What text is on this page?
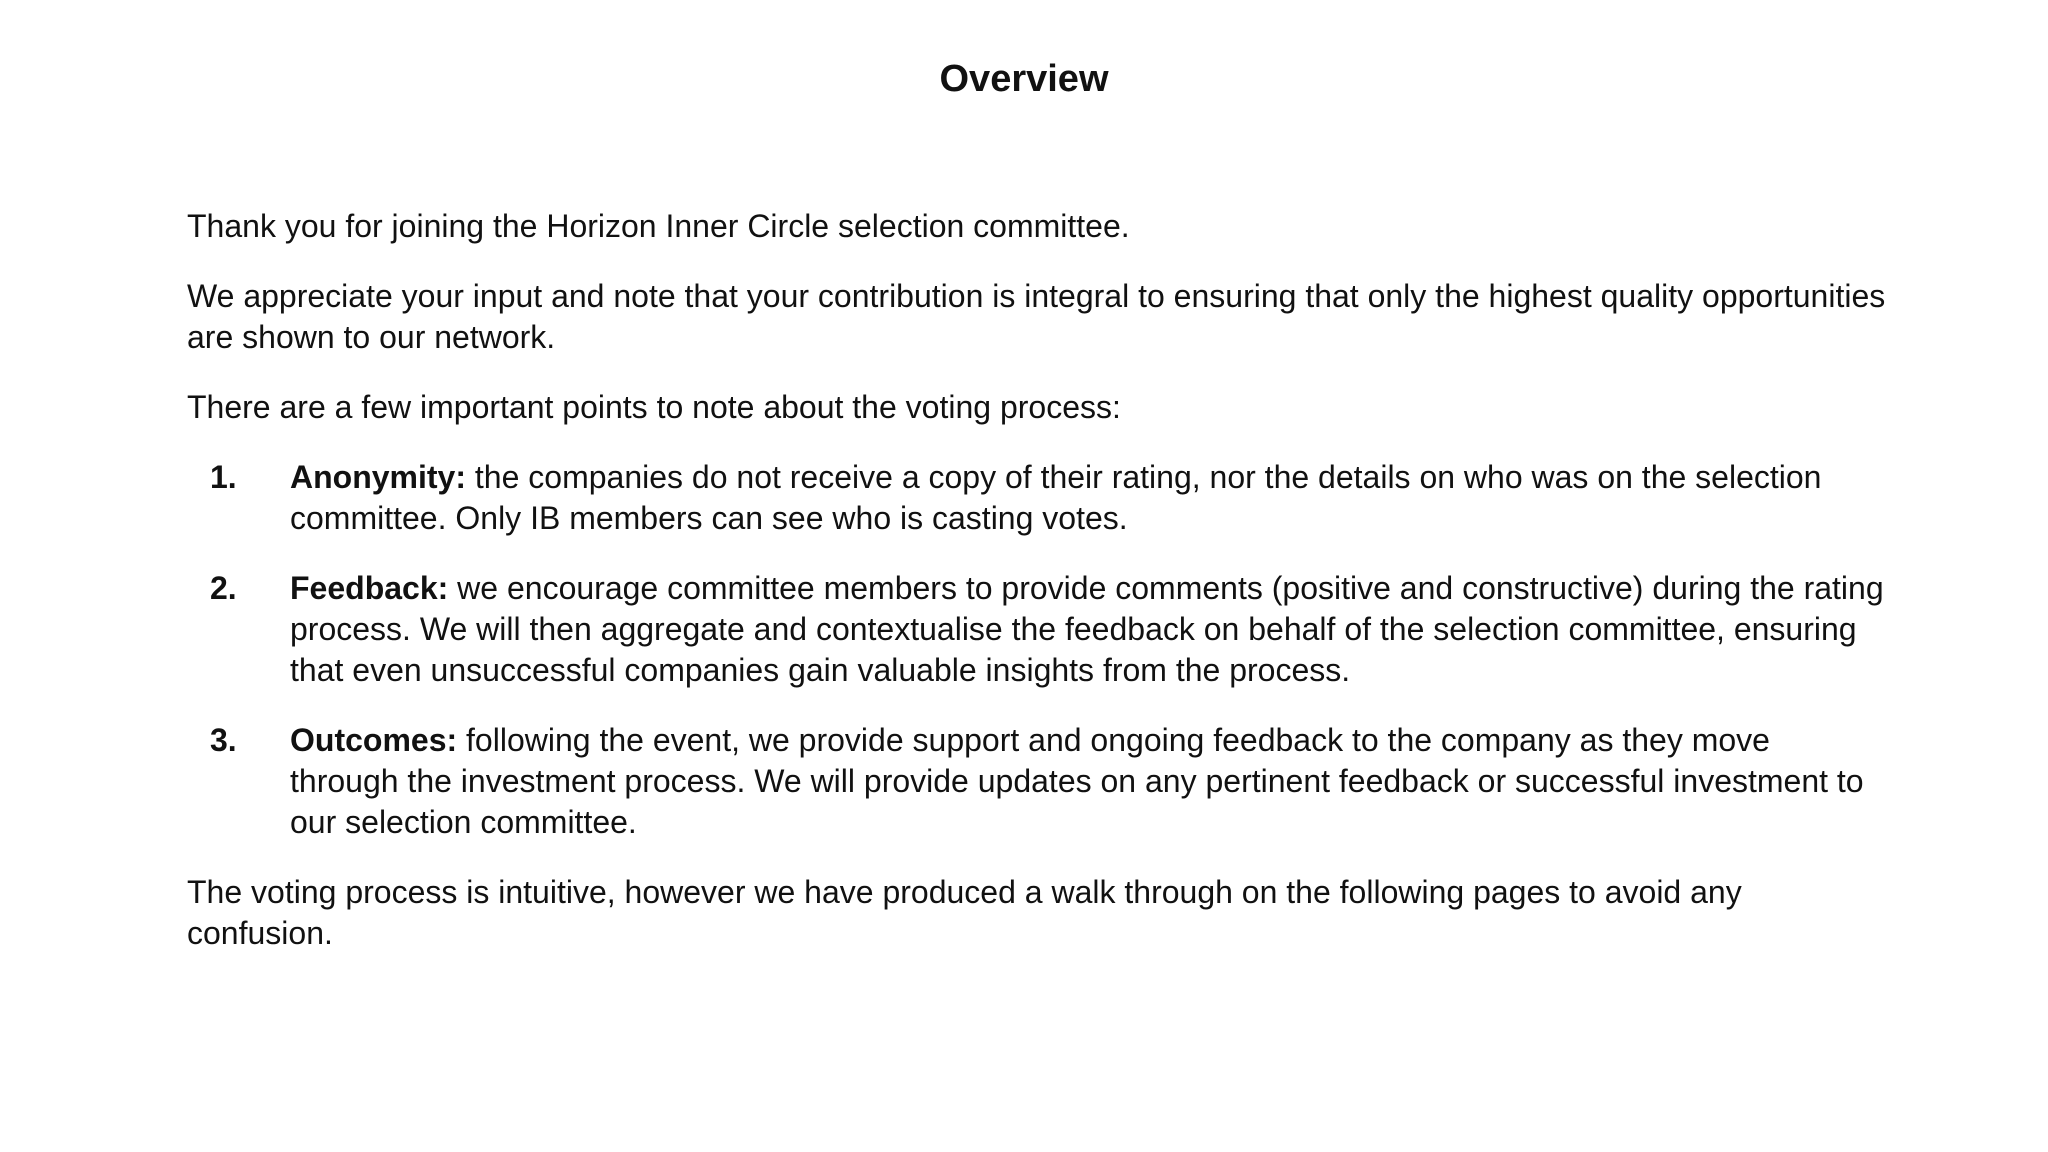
Overview

Thank you for joining the Horizon Inner Circle selection committee.

We appreciate your input and note that your contribution is integral to ensuring that only the highest quality opportunities are shown to our network.

There are a few important points to note about the voting process:

1. Anonymity: the companies do not receive a copy of their rating, nor the details on who was on the selection committee. Only IB members can see who is casting votes.
2. Feedback: we encourage committee members to provide comments (positive and constructive) during the rating process. We will then aggregate and contextualise the feedback on behalf of the selection committee, ensuring that even unsuccessful companies gain valuable insights from the process.
3. Outcomes: following the event, we provide support and ongoing feedback to the company as they move through the investment process. We will provide updates on any pertinent feedback or successful investment to our selection committee.

The voting process is intuitive, however we have produced a walk through on the following pages to avoid any confusion.
